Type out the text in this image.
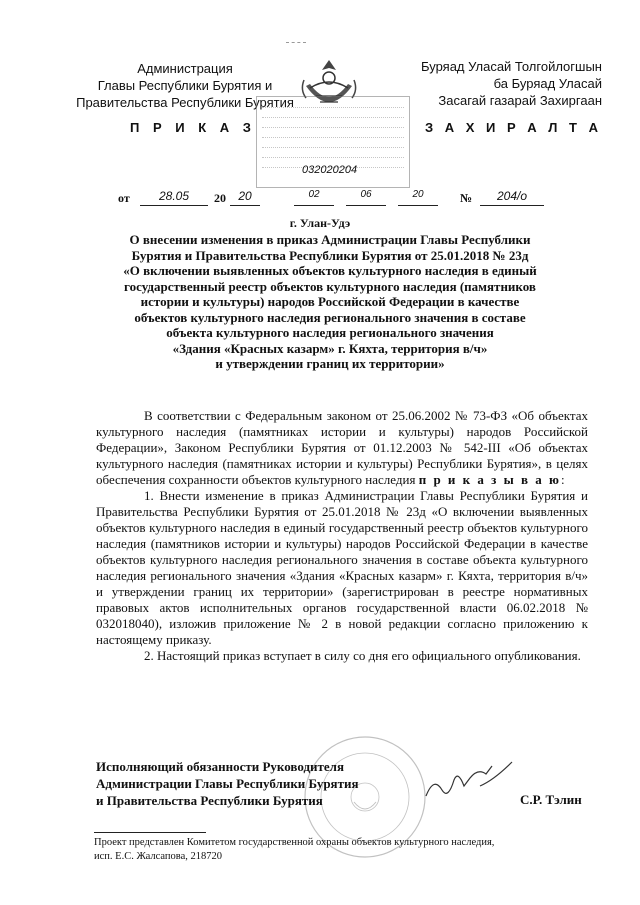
Администрация
Главы Республики Бурятия и
Правительства Республики Бурятия
Буряад Уласай Толгойлогшын
ба Буряад Уласай
Засагай газарай Захиргаан
П Р И К А З	З А Х И Р А Л Т А
032020204
от	28.05	20	20	02	06	20	№	204/о
г. Улан-Удэ
О внесении изменения в приказ Администрации Главы Республики
Бурятия и Правительства Республики Бурятия от 25.01.2018 № 23д
«О включении выявленных объектов культурного наследия в единый
государственный реестр объектов культурного наследия (памятников
истории и культуры) народов Российской Федерации в качестве
объектов культурного наследия регионального значения в составе
объекта культурного наследия регионального значения
«Здания «Красных казарм» г. Кяхта, территория в/ч»
и утверждении границ их территории»

В соответствии с Федеральным законом от 25.06.2002 № 73-ФЗ «Об объектах культурного наследия (памятниках истории и культуры) народов Российской Федерации», Законом Республики Бурятия от 01.12.2003 № 542-III «Об объектах культурного наследия (памятниках истории и культуры) Республики Бурятия», в целях обеспечения сохранности объектов культурного наследия п р и к а з ы в а ю:

1. Внести изменение в приказ Администрации Главы Республики Бурятия и Правительства Республики Бурятия от 25.01.2018 № 23д «О включении выявленных объектов культурного наследия в единый государственный реестр объектов культурного наследия (памятников истории и культуры) народов Российской Федерации в качестве объектов культурного наследия регионального значения в составе объекта культурного наследия регионального значения «Здания «Красных казарм» г. Кяхта, территория в/ч» и утверждении границ их территории» (зарегистрирован в реестре нормативных правовых актов исполнительных органов государственной власти 06.02.2018 № 032018040), изложив приложение № 2 в новой редакции согласно приложению к настоящему приказу.

2. Настоящий приказ вступает в силу со дня его официального опубликования.

Исполняющий обязанности Руководителя
Администрации Главы Республики Бурятия
и Правительства Республики Бурятия	С.Р. Тэлин
Проект представлен Комитетом государственной охраны объектов культурного наследия,
исп. Е.С. Жалсапова, 218720
